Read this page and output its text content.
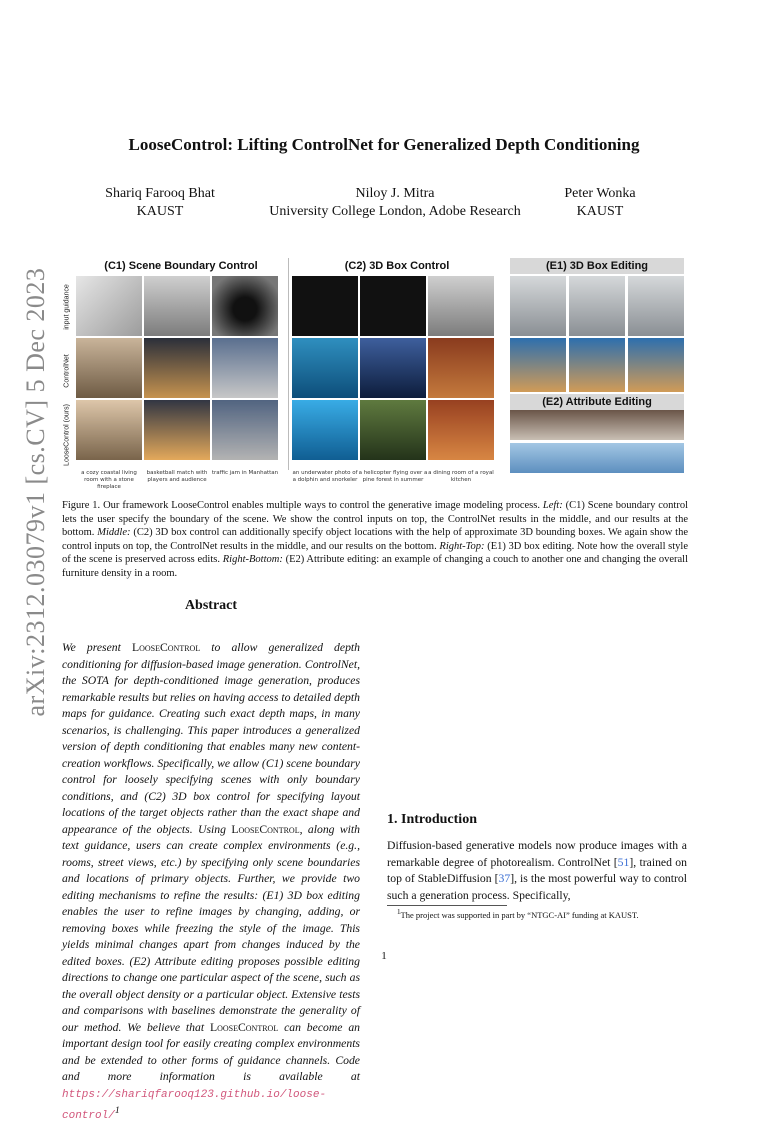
arXiv:2312.03079v1 [cs.CV] 5 Dec 2023
LooseControl: Lifting ControlNet for Generalized Depth Conditioning
Shariq Farooq Bhat
KAUST
Niloy J. Mitra
University College London, Adobe Research
Peter Wonka
KAUST
(C1) Scene Boundary Control	(C2) 3D Box Control	(E1) 3D Box Editing
(E2) Attribute Editing
input guidance
ControlNet
LooseControl (ours)
a cozy coastal living room with a stone fireplace
basketball match with players and audience
traffic jam in Manhattan	an underwater photo of a dolphin and snorkeler
a helicopter flying over a pine forest in summer
a dining room of a royal kitchen
Figure 1. Our framework LooseControl enables multiple ways to control the generative image modeling process. Left: (C1) Scene boundary control lets the user specify the boundary of the scene. We show the control inputs on top, the ControlNet results in the middle, and our results at the bottom. Middle: (C2) 3D box control can additionally specify object locations with the help of approximate 3D bounding boxes. We again show the control inputs on top, the ControlNet results in the middle, and our results on the bottom. Right-Top: (E1) 3D box editing. Note how the overall style of the scene is preserved across edits. Right-Bottom: (E2) Attribute editing: an example of changing a couch to another one and changing the overall furniture density in a room.
Abstract
We present LooseControl to allow generalized depth conditioning for diffusion-based image generation. ControlNet, the SOTA for depth-conditioned image generation, produces remarkable results but relies on having access to detailed depth maps for guidance. Creating such exact depth maps, in many scenarios, is challenging. This paper introduces a generalized version of depth conditioning that enables many new content-creation workflows. Specifically, we allow (C1) scene boundary control for loosely specifying scenes with only boundary conditions, and (C2) 3D box control for specifying layout locations of the target objects rather than the exact shape and appearance of the objects. Using LooseControl, along with text guidance, users can create complex environments (e.g., rooms, street views, etc.) by specifying only scene boundaries and locations of primary objects. Further, we provide two editing mechanisms to refine the results: (E1) 3D box editing enables the user to refine images by changing, adding, or removing boxes while freezing the style of the image. This yields minimal changes apart from changes induced by the edited boxes. (E2) Attribute editing proposes possible editing directions to change one particular aspect of the scene, such as the overall object density or a particular object. Extensive tests and comparisons with baselines demonstrate the generality of our method. We believe that LooseControl can become an important design tool for easily creating complex environments and be extended to other forms of guidance channels. Code and more information is available at https://shariqfarooq123.github.io/loose-control/$^1$
1. Introduction
Diffusion-based generative models now produce images with a remarkable degree of photorealism. ControlNet [51], trained on top of StableDiffusion [37], is the most powerful way to control such a generation process. Specifically,
$^1$The project was supported in part by “NTGC-AI” funding at KAUST.
1
